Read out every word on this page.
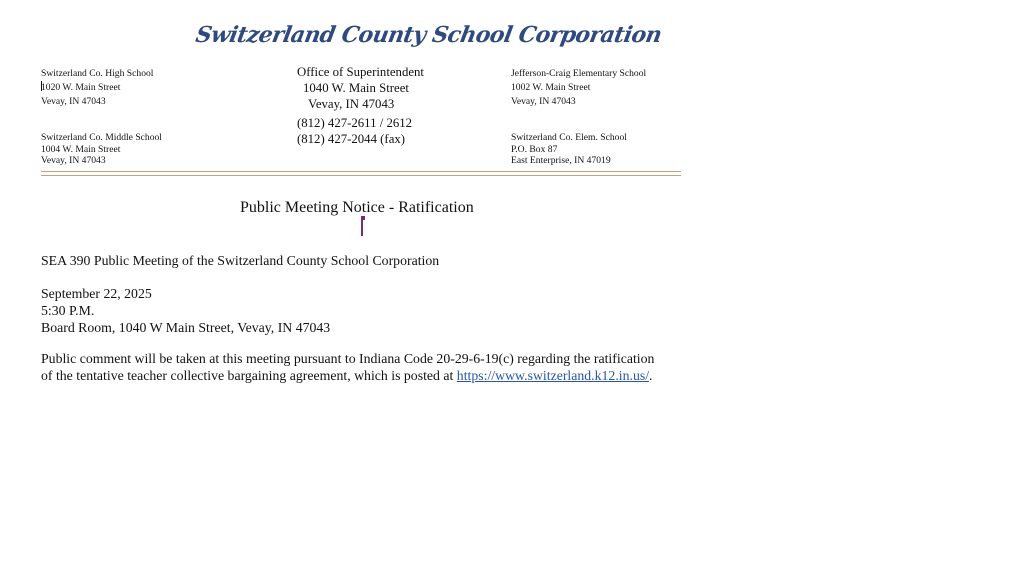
Switzerland County School Corporation
Switzerland Co. High School
1020 W. Main Street
Vevay, IN 47043
Switzerland Co. Middle School
1004 W. Main Street
Vevay, IN 47043
Office of Superintendent
1040 W. Main Street
Vevay, IN 47043
(812) 427-2611 / 2612
(812) 427-2044 (fax)
Jefferson-Craig Elementary School
1002 W. Main Street
Vevay, IN 47043
Switzerland Co. Elem. School
P.O. Box 87
East Enterprise, IN 47019
Public Meeting Notice - Ratification
SEA 390 Public Meeting of the Switzerland County School Corporation
September 22, 2025
5:30 P.M.
Board Room, 1040 W Main Street, Vevay, IN 47043
Public comment will be taken at this meeting pursuant to Indiana Code 20-29-6-19(c) regarding the ratification
of the tentative teacher collective bargaining agreement, which is posted at https://www.switzerland.k12.in.us/.
